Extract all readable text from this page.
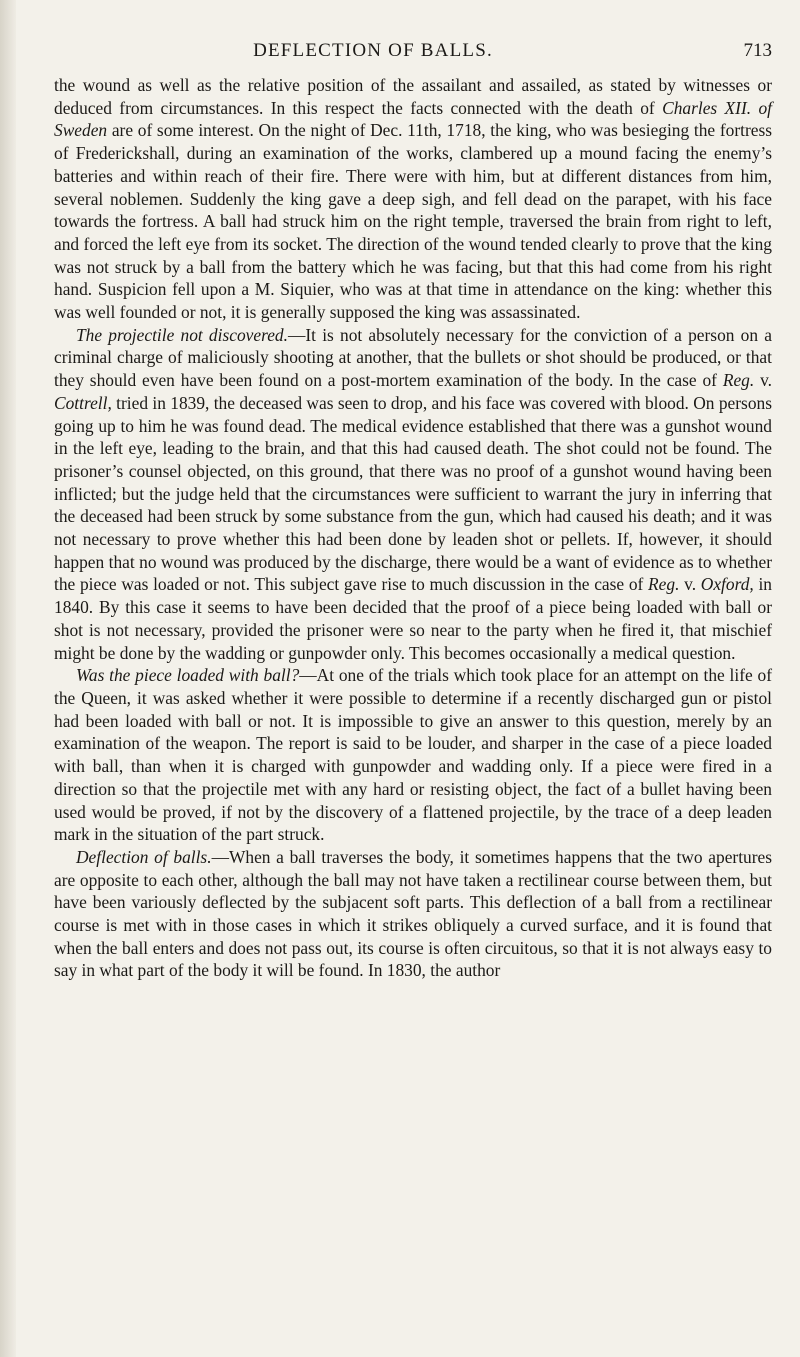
DEFLECTION OF BALLS.	713

the wound as well as the relative position of the assailant and assailed, as stated by witnesses or deduced from circumstances. In this respect the facts connected with the death of Charles XII. of Sweden are of some interest. On the night of Dec. 11th, 1718, the king, who was besieging the fortress of Frederickshall, during an examination of the works, clambered up a mound facing the enemy’s batteries and within reach of their fire. There were with him, but at different distances from him, several noblemen. Suddenly the king gave a deep sigh, and fell dead on the parapet, with his face towards the fortress. A ball had struck him on the right temple, traversed the brain from right to left, and forced the left eye from its socket. The direction of the wound tended clearly to prove that the king was not struck by a ball from the battery which he was facing, but that this had come from his right hand. Suspicion fell upon a M. Siquier, who was at that time in attendance on the king: whether this was well founded or not, it is generally supposed the king was assassinated.

The projectile not discovered.—It is not absolutely necessary for the conviction of a person on a criminal charge of maliciously shooting at another, that the bullets or shot should be produced, or that they should even have been found on a post-mortem examination of the body. In the case of Reg. v. Cottrell, tried in 1839, the deceased was seen to drop, and his face was covered with blood. On persons going up to him he was found dead. The medical evidence established that there was a gunshot wound in the left eye, leading to the brain, and that this had caused death. The shot could not be found. The prisoner’s counsel objected, on this ground, that there was no proof of a gunshot wound having been inflicted; but the judge held that the circumstances were sufficient to warrant the jury in inferring that the deceased had been struck by some substance from the gun, which had caused his death; and it was not necessary to prove whether this had been done by leaden shot or pellets. If, however, it should happen that no wound was produced by the discharge, there would be a want of evidence as to whether the piece was loaded or not. This subject gave rise to much discussion in the case of Reg. v. Oxford, in 1840. By this case it seems to have been decided that the proof of a piece being loaded with ball or shot is not necessary, provided the prisoner were so near to the party when he fired it, that mischief might be done by the wadding or gunpowder only. This becomes occasionally a medical question.

Was the piece loaded with ball?—At one of the trials which took place for an attempt on the life of the Queen, it was asked whether it were possible to determine if a recently discharged gun or pistol had been loaded with ball or not. It is impossible to give an answer to this question, merely by an examination of the weapon. The report is said to be louder, and sharper in the case of a piece loaded with ball, than when it is charged with gunpowder and wadding only. If a piece were fired in a direction so that the projectile met with any hard or resisting object, the fact of a bullet having been used would be proved, if not by the discovery of a flattened projectile, by the trace of a deep leaden mark in the situation of the part struck.

Deflection of balls.—When a ball traverses the body, it sometimes happens that the two apertures are opposite to each other, although the ball may not have taken a rectilinear course between them, but have been variously deflected by the subjacent soft parts. This deflection of a ball from a rectilinear course is met with in those cases in which it strikes obliquely a curved surface, and it is found that when the ball enters and does not pass out, its course is often circuitous, so that it is not always easy to say in what part of the body it will be found. In 1830, the author
